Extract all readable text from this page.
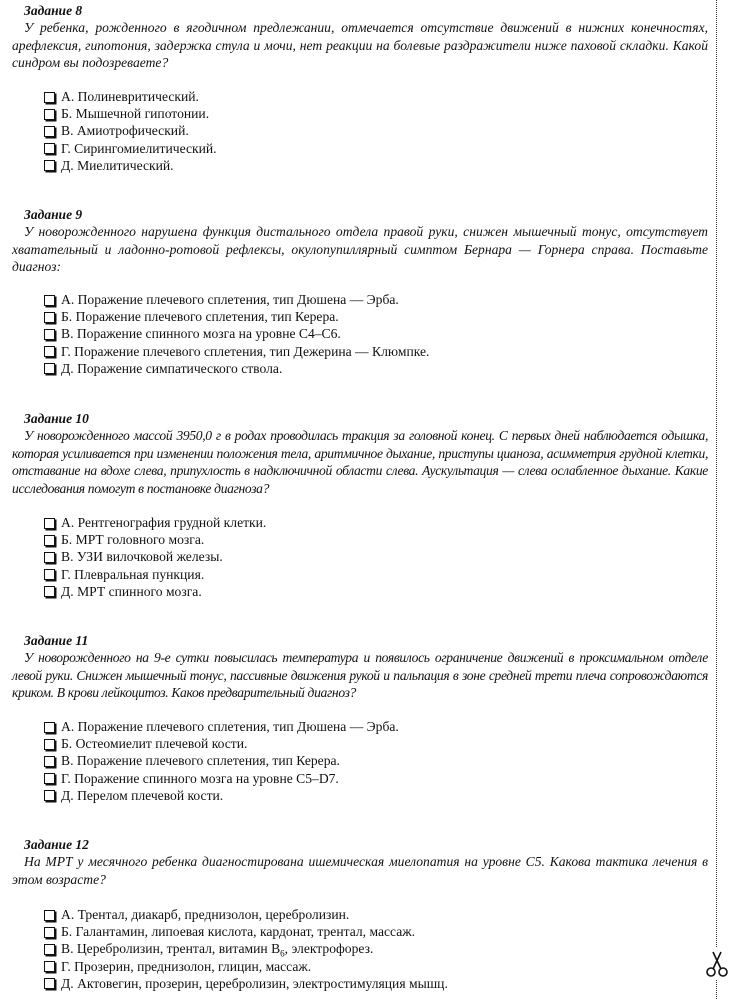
Задание 8

У ребенка, рожденного в ягодичном предлежании, отмечается отсутствие движений в нижних конечностях, арефлексия, гипотония, задержка стула и мочи, нет реакции на болевые раздражители ниже паховой складки. Какой синдром вы подозреваете?

А. Полиневритический.
Б. Мышечной гипотонии.
В. Амиотрофический.
Г. Сирингомиелитический.
Д. Миелитический.
Задание 9

У новорожденного нарушена функция дистального отдела правой руки, снижен мышечный тонус, отсутствует хватательный и ладонно-ротовой рефлексы, окулопупиллярный симптом Бернара — Горнера справа. Поставьте диагноз:

А. Поражение плечевого сплетения, тип Дюшена — Эрба.
Б. Поражение плечевого сплетения, тип Керера.
В. Поражение спинного мозга на уровне С4–С6.
Г. Поражение плечевого сплетения, тип Дежерина — Клюмпке.
Д. Поражение симпатического ствола.
Задание 10

У новорожденного массой 3950,0 г в родах проводилась тракция за головной конец. С первых дней наблюдается одышка, которая усиливается при изменении положения тела, аритмичное дыхание, приступы цианоза, асимметрия грудной клетки, отставание на вдохе слева, припухлость в надключичной области слева. Аускультация — слева ослабленное дыхание. Какие исследования помогут в постановке диагноза?

А. Рентгенография грудной клетки.
Б. МРТ головного мозга.
В. УЗИ вилочковой железы.
Г. Плевральная пункция.
Д. МРТ спинного мозга.
Задание 11

У новорожденного на 9-е сутки повысилась температура и появилось ограничение движений в проксимальном отделе левой руки. Снижен мышечный тонус, пассивные движения рукой и пальпация в зоне средней трети плеча сопровождаются криком. В крови лейкоцитоз. Каков предварительный диагноз?

А. Поражение плечевого сплетения, тип Дюшена — Эрба.
Б. Остеомиелит плечевой кости.
В. Поражение плечевого сплетения, тип Керера.
Г. Поражение спинного мозга на уровне С5–D7.
Д. Перелом плечевой кости.
Задание 12

На МРТ у месячного ребенка диагностирована ишемическая миелопатия на уровне С5. Какова тактика лечения в этом возрасте?

А. Трентал, диакарб, преднизолон, церебролизин.
Б. Галантамин, липоевая кислота, кардонат, трентал, массаж.
В. Церебролизин, трентал, витамин $В_6$, электрофорез.
Г. Прозерин, преднизолон, глицин, массаж.
Д. Актовегин, прозерин, церебролизин, электростимуляция мышц.
